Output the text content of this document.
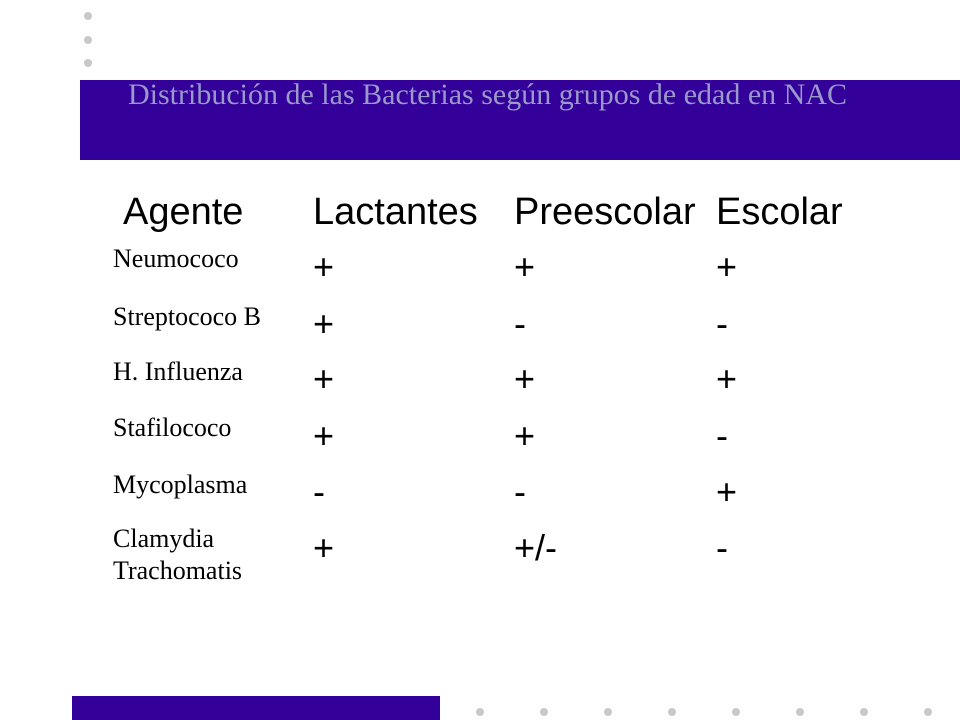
Distribución de las Bacterias según grupos de edad en NAC
Agente Lactantes Preescolar Escolar
Neumococo +	+	+
Streptococo B +	-	-
H. Influenza +	+	+
Stafilococo +	+	-
Mycoplasma -	-	+
Clamydia
Trachomatis
+	+/-	-
